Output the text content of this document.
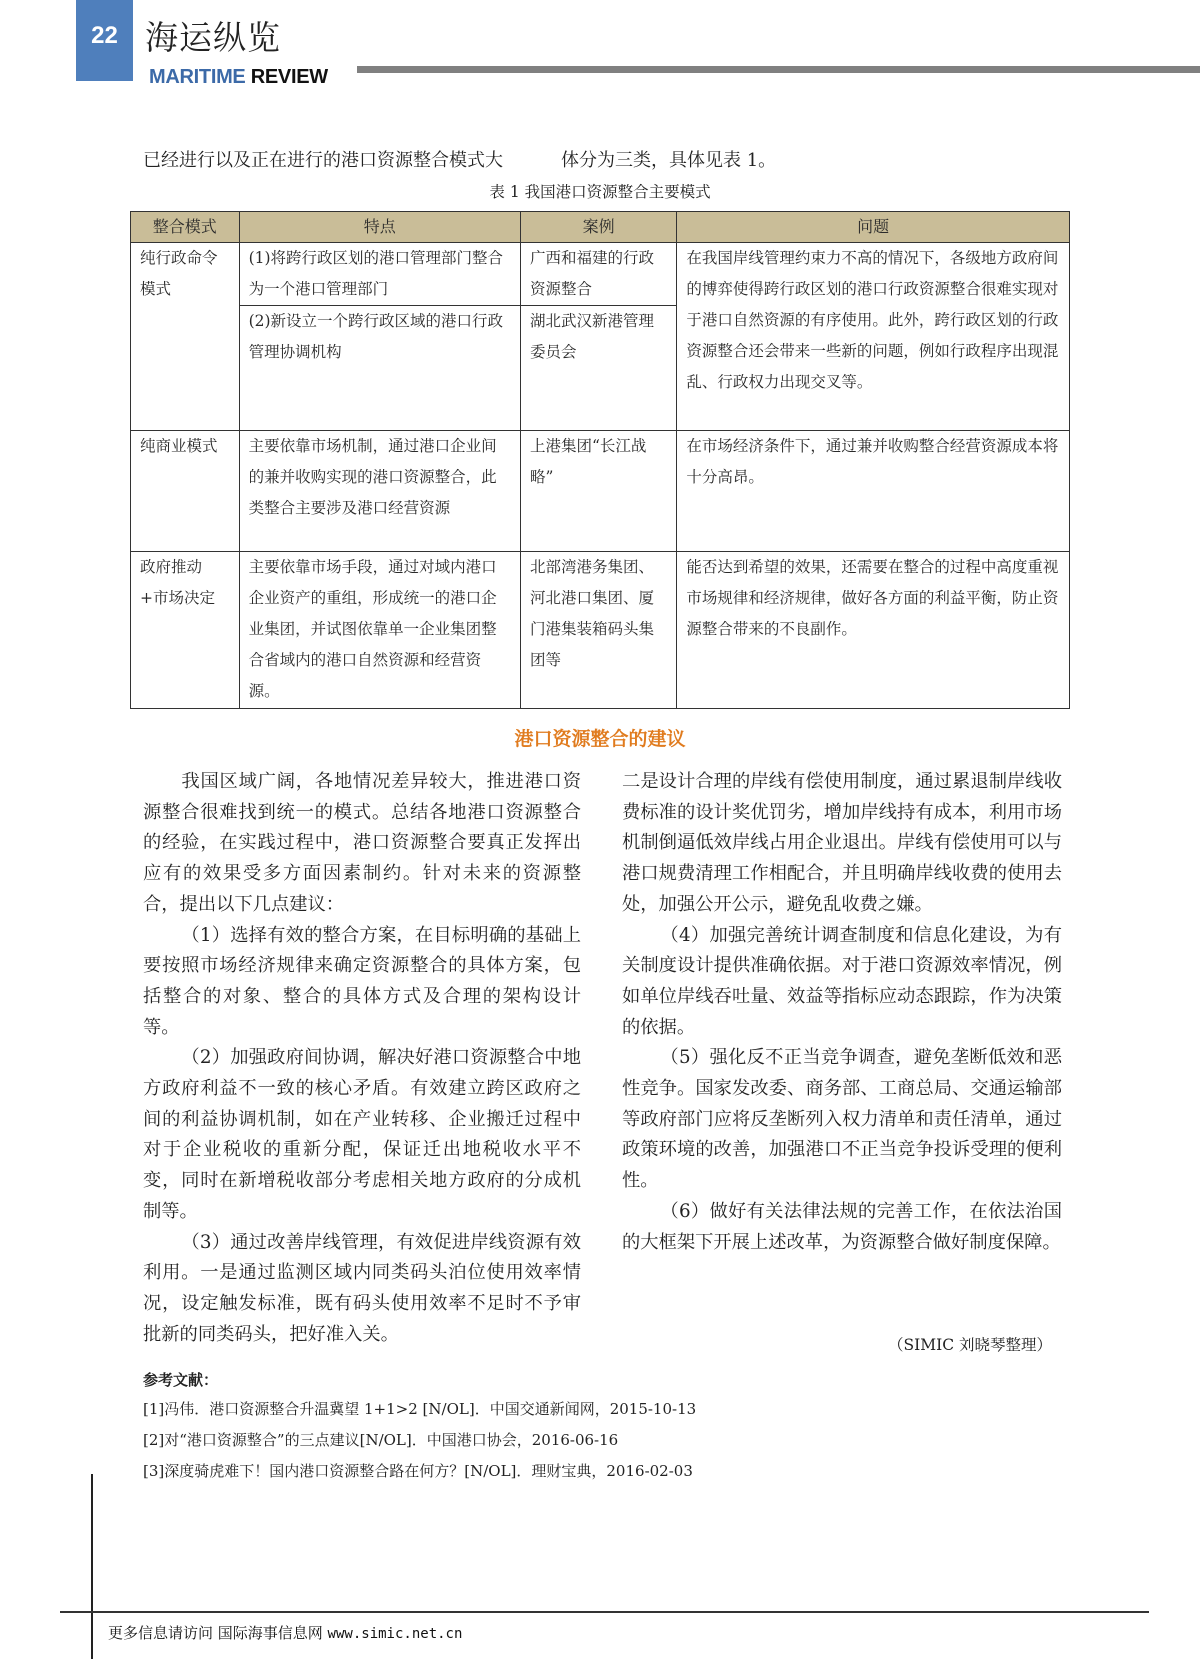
22 海运纵览
MARITIME REVIEW
已经进行以及正在进行的港口资源整合模式大	体分为三类，具体见表 1。
表 1 我国港口资源整合主要模式
整合模式	特点	案例	问题
纯行政命令模式	(1)将跨行政区划的港口管理部门整合为一个港口管理部门	广西和福建的行政资源整合	在我国岸线管理约束力不高的情况下，各级地方政府间的博弈使得跨行政区划的港口行政资源整合很难实现对于港口自然资源的有序使用。此外，跨行政区划的行政资源整合还会带来一些新的问题，例如行政程序出现混乱、行政权力出现交叉等。
	(2)新设立一个跨行政区域的港口行政管理协调机构	湖北武汉新港管理委员会	
纯商业模式	主要依靠市场机制，通过港口企业间的兼并收购实现的港口资源整合，此类整合主要涉及港口经营资源	上港集团“长江战略”	在市场经济条件下，通过兼并收购整合经营资源成本将十分高昂。
政府推动+市场决定	主要依靠市场手段，通过对域内港口企业资产的重组，形成统一的港口企业集团，并试图依靠单一企业集团整合省域内的港口自然资源和经营资源。	北部湾港务集团、河北港口集团、厦门港集装箱码头集团等	能否达到希望的效果，还需要在整合的过程中高度重视市场规律和经济规律，做好各方面的利益平衡，防止资源整合带来的不良副作。
港口资源整合的建议

我国区域广阔，各地情况差异较大，推进港口资源整合很难找到统一的模式。总结各地港口资源整合的经验，在实践过程中，港口资源整合要真正发挥出应有的效果受多方面因素制约。针对未来的资源整合，提出以下几点建议：

（1）选择有效的整合方案，在目标明确的基础上要按照市场经济规律来确定资源整合的具体方案，包括整合的对象、整合的具体方式及合理的架构设计等。

（2）加强政府间协调，解决好港口资源整合中地方政府利益不一致的核心矛盾。有效建立跨区政府之间的利益协调机制，如在产业转移、企业搬迁过程中对于企业税收的重新分配，保证迁出地税收水平不变，同时在新增税收部分考虑相关地方政府的分成机制等。

（3）通过改善岸线管理，有效促进岸线资源有效利用。一是通过监测区域内同类码头泊位使用效率情况，设定触发标准，既有码头使用效率不足时不予审批新的同类码头，把好准入关。

二是设计合理的岸线有偿使用制度，通过累退制岸线收费标准的设计奖优罚劣，增加岸线持有成本，利用市场机制倒逼低效岸线占用企业退出。岸线有偿使用可以与港口规费清理工作相配合，并且明确岸线收费的使用去处，加强公开公示，避免乱收费之嫌。

（4）加强完善统计调查制度和信息化建设，为有关制度设计提供准确依据。对于港口资源效率情况，例如单位岸线吞吐量、效益等指标应动态跟踪，作为决策的依据。

（5）强化反不正当竞争调查，避免垄断低效和恶性竞争。国家发改委、商务部、工商总局、交通运输部等政府部门应将反垄断列入权力清单和责任清单，通过政策环境的改善，加强港口不正当竞争投诉受理的便利性。

（6）做好有关法律法规的完善工作，在依法治国的大框架下开展上述改革，为资源整合做好制度保障。

（SIMIC 刘晓琴整理）
参考文献：
[1]冯伟．港口资源整合升温冀望 1+1>2 [N/OL]．中国交通新闻网，2015-10-13
[2]对“港口资源整合”的三点建议[N/OL]．中国港口协会，2016-06-16
[3]深度骑虎难下！国内港口资源整合路在何方？[N/OL]．理财宝典，2016-02-03
更多信息请访问 国际海事信息网 www.simic.net.cn
